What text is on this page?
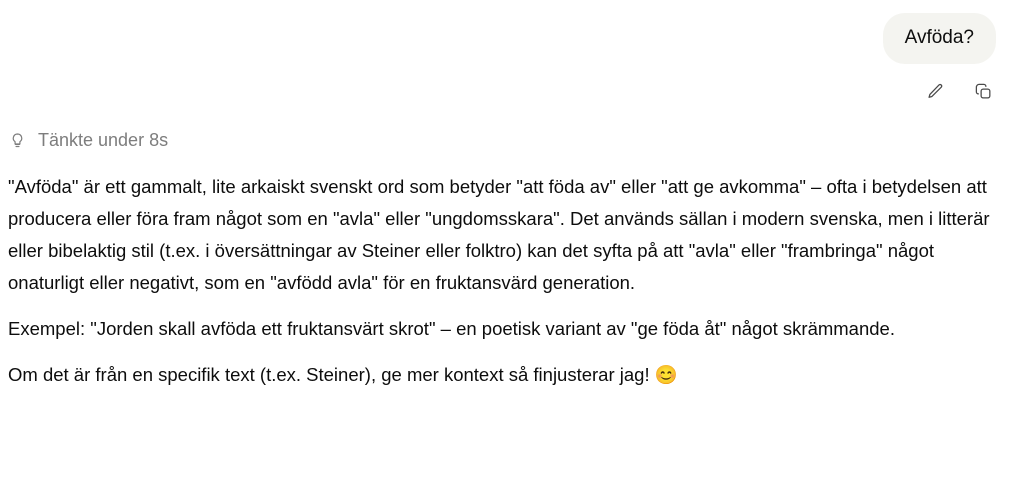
Avföda?
Tänkte under 8s

"Avföda" är ett gammalt, lite arkaiskt svenskt ord som betyder "att föda av" eller "att ge avkomma" – ofta i betydelsen att producera eller föra fram något som en "avla" eller "ungdomsskara". Det används sällan i modern svenska, men i litterär eller bibelaktig stil (t.ex. i översättningar av Steiner eller folktro) kan det syfta på att "avla" eller "frambringa" något onaturligt eller negativt, som en "avfödd avla" för en fruktansvärd generation.

Exempel: "Jorden skall avföda ett fruktansvärt skrot" – en poetisk variant av "ge föda åt" något skrämmande.

Om det är från en specifik text (t.ex. Steiner), ge mer kontext så finjusterar jag! 😊
